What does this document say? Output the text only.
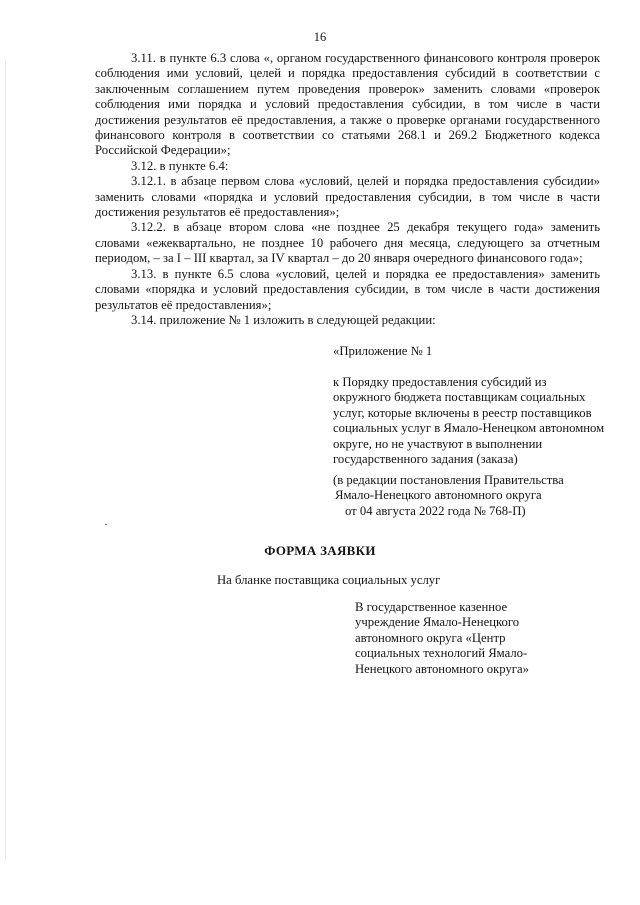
16

3.11. в пункте 6.3 слова «, органом государственного финансового контроля проверок соблюдения ими условий, целей и порядка предоставления субсидий в соответствии с заключенным соглашением путем проведения проверок» заменить словами «проверок соблюдения ими порядка и условий предоставления субсидии, в том числе в части достижения результатов её предоставления, а также о проверке органами государственного финансового контроля в соответствии со статьями 268.1 и 269.2 Бюджетного кодекса Российской Федерации»;

3.12. в пункте 6.4:

3.12.1. в абзаце первом слова «условий, целей и порядка предоставления субсидии» заменить словами «порядка и условий предоставления субсидии, в том числе в части достижения результатов её предоставления»;

3.12.2. в абзаце втором слова «не позднее 25 декабря текущего года» заменить словами «ежеквартально, не позднее 10 рабочего дня месяца, следующего за отчетным периодом, – за I – III квартал, за IV квартал – до 20 января очередного финансового года»;

3.13. в пункте 6.5 слова «условий, целей и порядка ее предоставления» заменить словами «порядка и условий предоставления субсидии, в том числе в части достижения результатов её предоставления»;

3.14. приложение № 1 изложить в следующей редакции:

«Приложение № 1
к Порядку предоставления субсидий из окружного бюджета поставщикам социальных услуг, которые включены в реестр поставщиков социальных услуг в Ямало-Ненецком автономном округе, но не участвуют в выполнении государственного задания (заказа)
(в редакции постановления Правительства
Ямало-Ненецкого автономного округа
от 04 августа 2022 года № 768-П)
·
ФОРМА ЗАЯВКИ
На бланке поставщика социальных услуг
В государственное казенное учреждение Ямало-Ненецкого автономного округа «Центр социальных технологий Ямало-Ненецкого автономного округа»
